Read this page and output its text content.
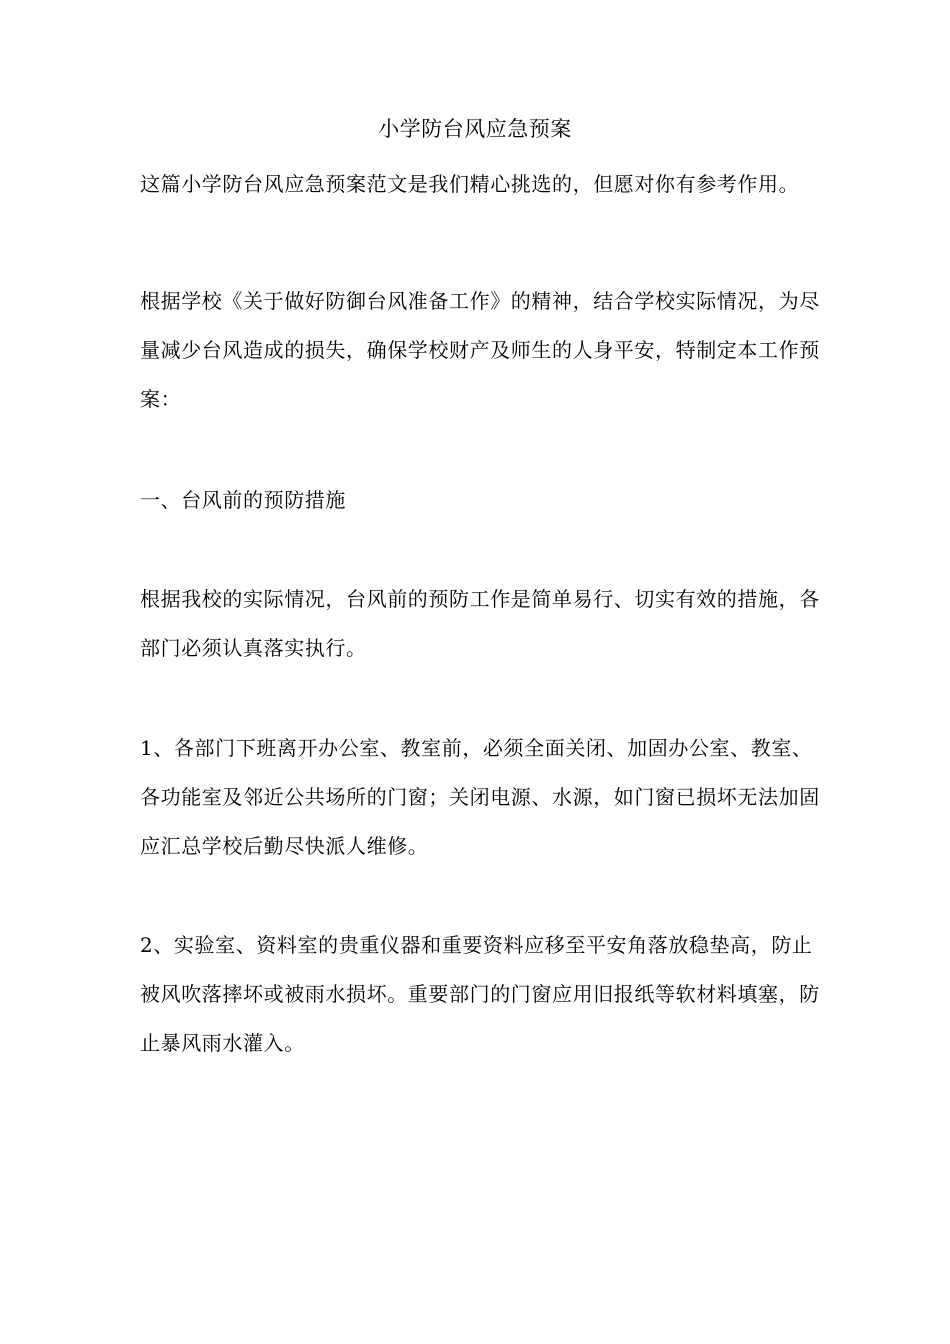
小学防台风应急预案

这篇小学防台风应急预案范文是我们精心挑选的，但愿对你有参考作用。

根据学校《关于做好防御台风准备工作》的精神，结合学校实际情况，为尽量减少台风造成的损失，确保学校财产及师生的人身平安，特制定本工作预案：

一、台风前的预防措施

根据我校的实际情况，台风前的预防工作是简单易行、切实有效的措施，各部门必须认真落实执行。

1、各部门下班离开办公室、教室前，必须全面关闭、加固办公室、教室、各功能室及邻近公共场所的门窗；关闭电源、水源，如门窗已损坏无法加固应汇总学校后勤尽快派人维修。

2、实验室、资料室的贵重仪器和重要资料应移至平安角落放稳垫高，防止被风吹落摔坏或被雨水损坏。重要部门的门窗应用旧报纸等软材料填塞，防止暴风雨水灌入。
